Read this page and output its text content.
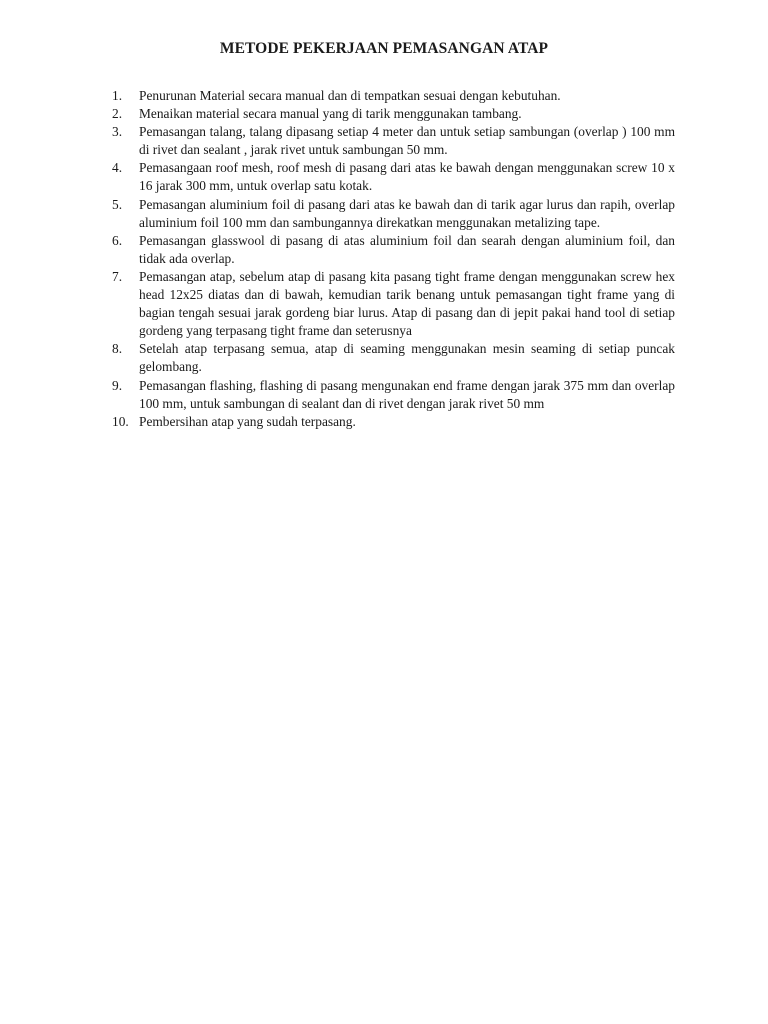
METODE PEKERJAAN PEMASANGAN ATAP
1.	Penurunan Material secara manual dan di tempatkan sesuai dengan kebutuhan.
2.	Menaikan material secara manual yang di tarik menggunakan tambang.
3.	Pemasangan talang, talang dipasang setiap 4 meter dan untuk setiap sambungan (overlap ) 100 mm di rivet dan sealant , jarak rivet untuk sambungan 50 mm.
4.	Pemasangaan roof mesh, roof mesh di pasang dari atas ke bawah dengan menggunakan screw 10 x 16 jarak 300 mm, untuk overlap satu kotak.
5.	Pemasangan aluminium foil di pasang dari atas ke bawah dan di tarik agar lurus dan rapih, overlap aluminium foil 100 mm dan sambungannya direkatkan menggunakan metalizing tape.
6.	Pemasangan glasswool di pasang di atas aluminium foil dan searah dengan aluminium foil, dan tidak ada overlap.
7.	Pemasangan atap, sebelum atap di pasang kita pasang tight frame dengan menggunakan screw hex head 12x25 diatas dan di bawah, kemudian tarik benang untuk pemasangan tight frame yang di bagian tengah sesuai jarak gordeng biar lurus. Atap di pasang dan di jepit pakai hand tool di setiap gordeng yang terpasang tight frame dan seterusnya
8.	Setelah atap terpasang semua, atap di seaming menggunakan mesin seaming di setiap puncak gelombang.
9.	Pemasangan flashing, flashing di pasang mengunakan end frame dengan jarak 375 mm dan overlap 100 mm, untuk sambungan di sealant dan di rivet dengan jarak rivet 50 mm
10. Pembersihan atap yang sudah terpasang.
